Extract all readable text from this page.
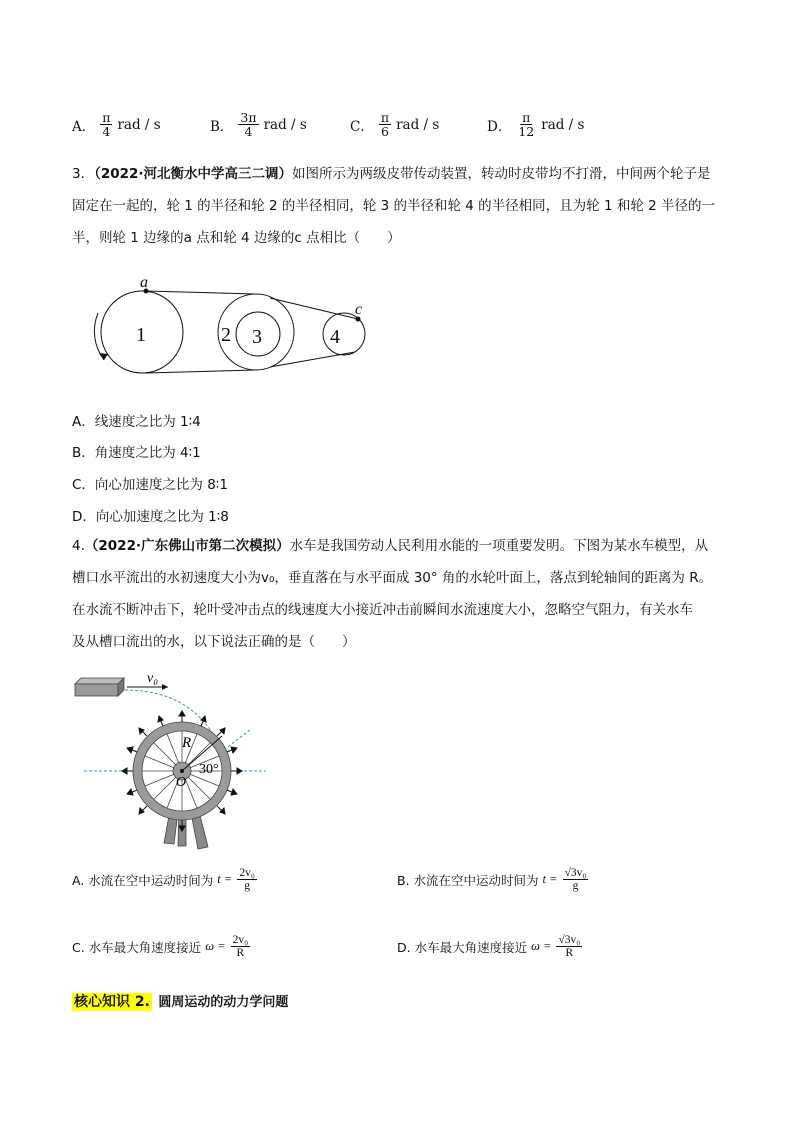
A． $\frac{\pi}{4}$ rad / s	B． $\frac{3\pi}{4}$ rad / s	C． $\frac{\pi}{6}$ rad / s	D． $\frac{\pi}{12}$ rad / s
3．（2022·河北衡水中学高三二调）如图所示为两级皮带传动装置，转动时皮带均不打滑，中间两个轮子是
固定在一起的，轮 1 的半径和轮 2 的半径相同，轮 3 的半径和轮 4 的半径相同，且为轮 1 和轮 2 半径的一
半，则轮 1 边缘的a 点和轮 4 边缘的c 点相比（　　）
a
c
1	2 3	4
A．线速度之比为 1∶4
B．角速度之比为 4∶1
C．向心加速度之比为 8∶1
D．向心加速度之比为 1∶8
4.（2022·广东佛山市第二次模拟）水车是我国劳动人民利用水能的一项重要发明。下图为某水车模型，从
槽口水平流出的水初速度大小为v₀，垂直落在与水平面成 30° 角的水轮叶面上，落点到轮轴间的距离为 R。
在水流不断冲击下，轮叶受冲击点的线速度大小接近冲击前瞬间水流速度大小，忽略空气阻力，有关水车
及从槽口流出的水，以下说法正确的是（　　）
v₀
R
O
30°
A. 水流在空中运动时间为 $t = \frac{\text{2v₀}}{g}$	B. 水流在空中运动时间为 $t = \frac{\text{√3v₀}}{g}$
C. 水车最大角速度接近 $\omega = \frac{\text{2v₀}}{R}$	D. 水车最大角速度接近 $\omega = \frac{\text{√3v₀}}{R}$
核心知识 2. 圆周运动的动力学问题
